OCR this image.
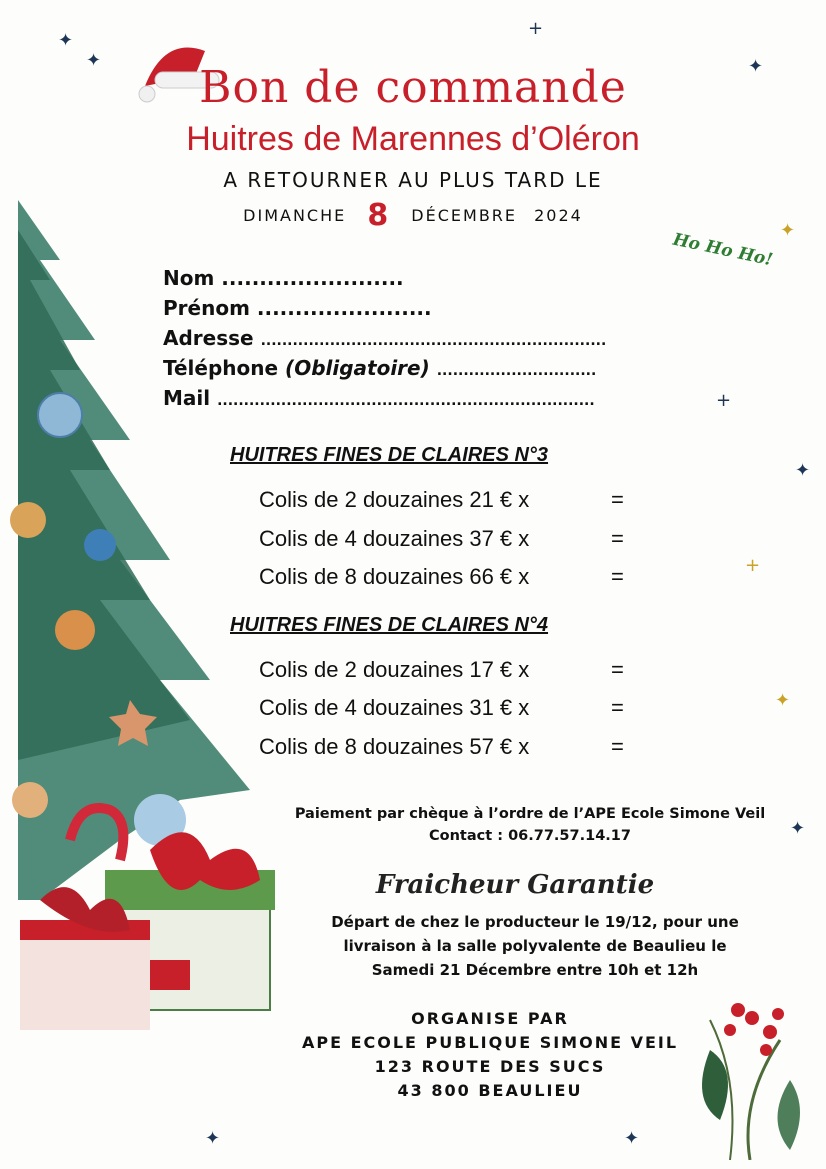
✦
✦
+
✦
✦
+
✦
+
✦
✦
✦	✦
Ho Ho Ho!
Bon de commande
Huitres de Marennes d’Oléron
A RETOURNER AU PLUS TARD LE
DIMANCHE 8 DÉCEMBRE 2024
Nom ........................
Prénom .......................
Adresse .................................................................
Téléphone (Obligatoire) ..............................
Mail .......................................................................
HUITRES FINES DE CLAIRES N°3
Colis de 2 douzaines 21 € x	=
Colis de 4 douzaines 37 € x	=
Colis de 8 douzaines 66 € x	=
HUITRES FINES DE CLAIRES N°4
Colis de 2 douzaines 17 € x	=
Colis de 4 douzaines 31 € x	=
Colis de 8 douzaines 57 € x	=
Paiement par chèque à l’ordre de l’APE Ecole Simone Veil
Contact : 06.77.57.14.17
Fraicheur Garantie
Départ de chez le producteur le 19/12, pour une
livraison à la salle polyvalente de Beaulieu le
Samedi 21 Décembre entre 10h et 12h
ORGANISE PAR
APE ECOLE PUBLIQUE SIMONE VEIL
123 ROUTE DES SUCS
43 800 BEAULIEU
